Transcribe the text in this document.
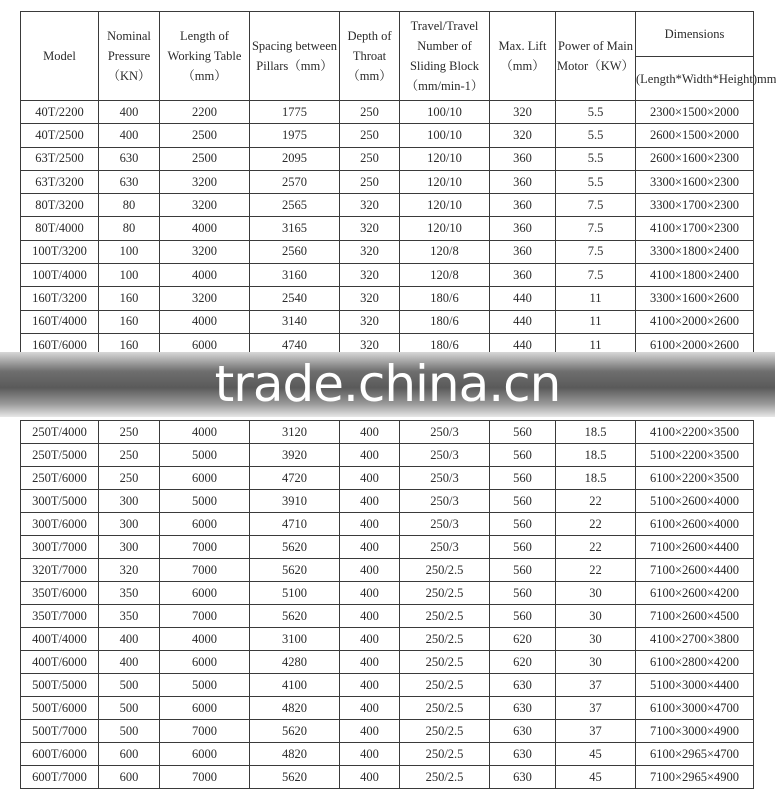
Model	Nominal Pressure（KN）	Length of Working Table（mm）	Spacing between Pillars（mm）	Depth of Throat（mm）	Travel/Travel Number of Sliding Block（mm/min-1）	Max. Lift（mm）	Power of Main Motor（KW）	Dimensions
								(Length*Width*Height)mm
40T/2200	400	2200	1775	250	100/10	320	5.5	2300×1500×2000
40T/2500	400	2500	1975	250	100/10	320	5.5	2600×1500×2000
63T/2500	630	2500	2095	250	120/10	360	5.5	2600×1600×2300
63T/3200	630	3200	2570	250	120/10	360	5.5	3300×1600×2300
80T/3200	80	3200	2565	320	120/10	360	7.5	3300×1700×2300
80T/4000	80	4000	3165	320	120/10	360	7.5	4100×1700×2300
100T/3200	100	3200	2560	320	120/8	360	7.5	3300×1800×2400
100T/4000	100	4000	3160	320	120/8	360	7.5	4100×1800×2400
160T/3200	160	3200	2540	320	180/6	440	11	3300×1600×2600
160T/4000	160	4000	3140	320	180/6	440	11	4100×2000×2600
160T/6000	160	6000	4740	320	180/6	440	11	6100×2000×2600
trade.china.cn
250T/4000	250	4000	3120	400	250/3	560	18.5	4100×2200×3500
250T/5000	250	5000	3920	400	250/3	560	18.5	5100×2200×3500
250T/6000	250	6000	4720	400	250/3	560	18.5	6100×2200×3500
300T/5000	300	5000	3910	400	250/3	560	22	5100×2600×4000
300T/6000	300	6000	4710	400	250/3	560	22	6100×2600×4000
300T/7000	300	7000	5620	400	250/3	560	22	7100×2600×4400
320T/7000	320	7000	5620	400	250/2.5	560	22	7100×2600×4400
350T/6000	350	6000	5100	400	250/2.5	560	30	6100×2600×4200
350T/7000	350	7000	5620	400	250/2.5	560	30	7100×2600×4500
400T/4000	400	4000	3100	400	250/2.5	620	30	4100×2700×3800
400T/6000	400	6000	4280	400	250/2.5	620	30	6100×2800×4200
500T/5000	500	5000	4100	400	250/2.5	630	37	5100×3000×4400
500T/6000	500	6000	4820	400	250/2.5	630	37	6100×3000×4700
500T/7000	500	7000	5620	400	250/2.5	630	37	7100×3000×4900
600T/6000	600	6000	4820	400	250/2.5	630	45	6100×2965×4700
600T/7000	600	7000	5620	400	250/2.5	630	45	7100×2965×4900
